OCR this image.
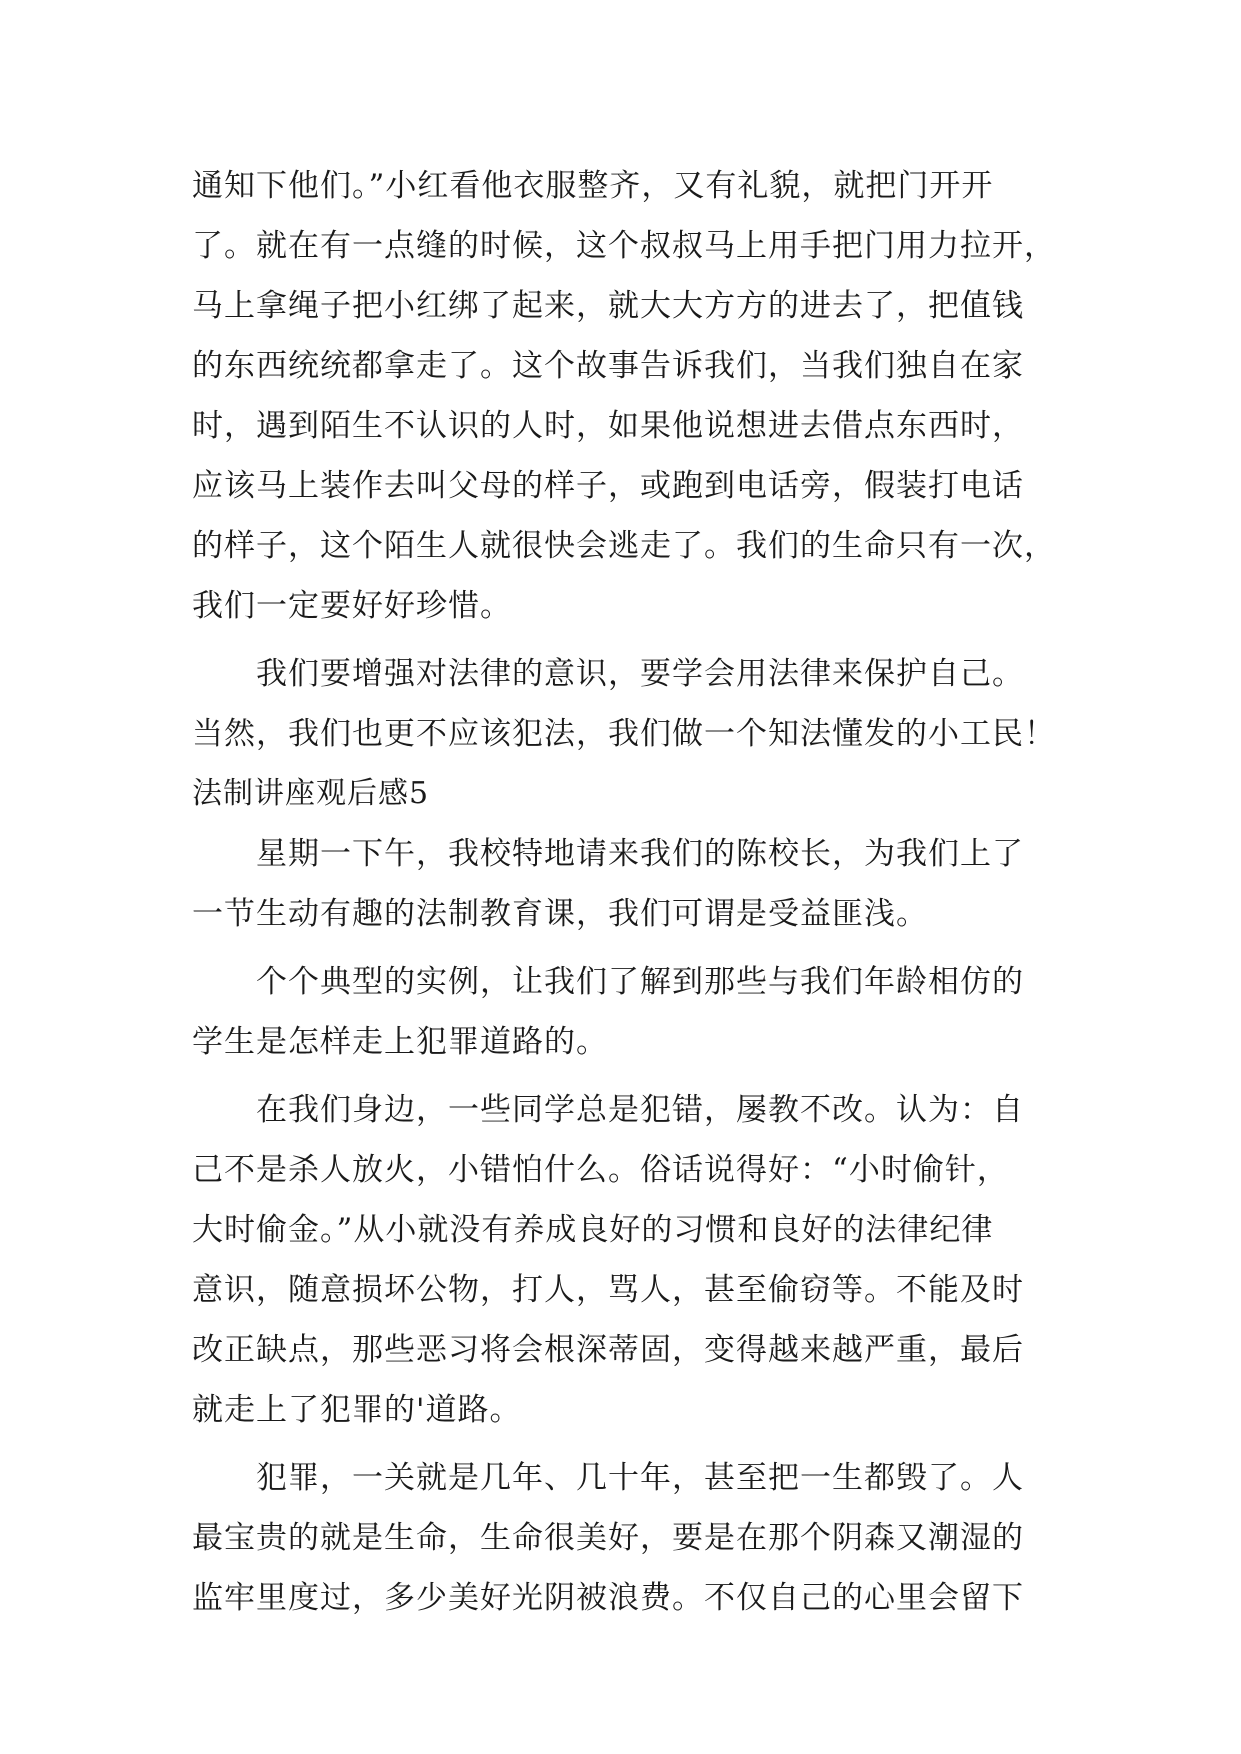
通知下他们。”小红看他衣服整齐，又有礼貌，就把门开开
了。就在有一点缝的时候，这个叔叔马上用手把门用力拉开，
马上拿绳子把小红绑了起来，就大大方方的进去了，把值钱
的东西统统都拿走了。这个故事告诉我们，当我们独自在家
时，遇到陌生不认识的人时，如果他说想进去借点东西时，
应该马上装作去叫父母的样子，或跑到电话旁，假装打电话
的样子，这个陌生人就很快会逃走了。我们的生命只有一次，
我们一定要好好珍惜。
我们要增强对法律的意识，要学会用法律来保护自己。
当然，我们也更不应该犯法，我们做一个知法懂发的小工民！
法制讲座观后感5
星期一下午，我校特地请来我们的陈校长，为我们上了
一节生动有趣的法制教育课，我们可谓是受益匪浅。
个个典型的实例，让我们了解到那些与我们年龄相仿的
学生是怎样走上犯罪道路的。
在我们身边，一些同学总是犯错，屡教不改。认为：自
己不是杀人放火，小错怕什么。俗话说得好：“小时偷针，
大时偷金。”从小就没有养成良好的习惯和良好的法律纪律
意识，随意损坏公物，打人，骂人，甚至偷窃等。不能及时
改正缺点，那些恶习将会根深蒂固，变得越来越严重，最后
就走上了犯罪的'道路。
犯罪，一关就是几年、几十年，甚至把一生都毁了。人
最宝贵的就是生命，生命很美好，要是在那个阴森又潮湿的
监牢里度过，多少美好光阴被浪费。不仅自己的心里会留下
